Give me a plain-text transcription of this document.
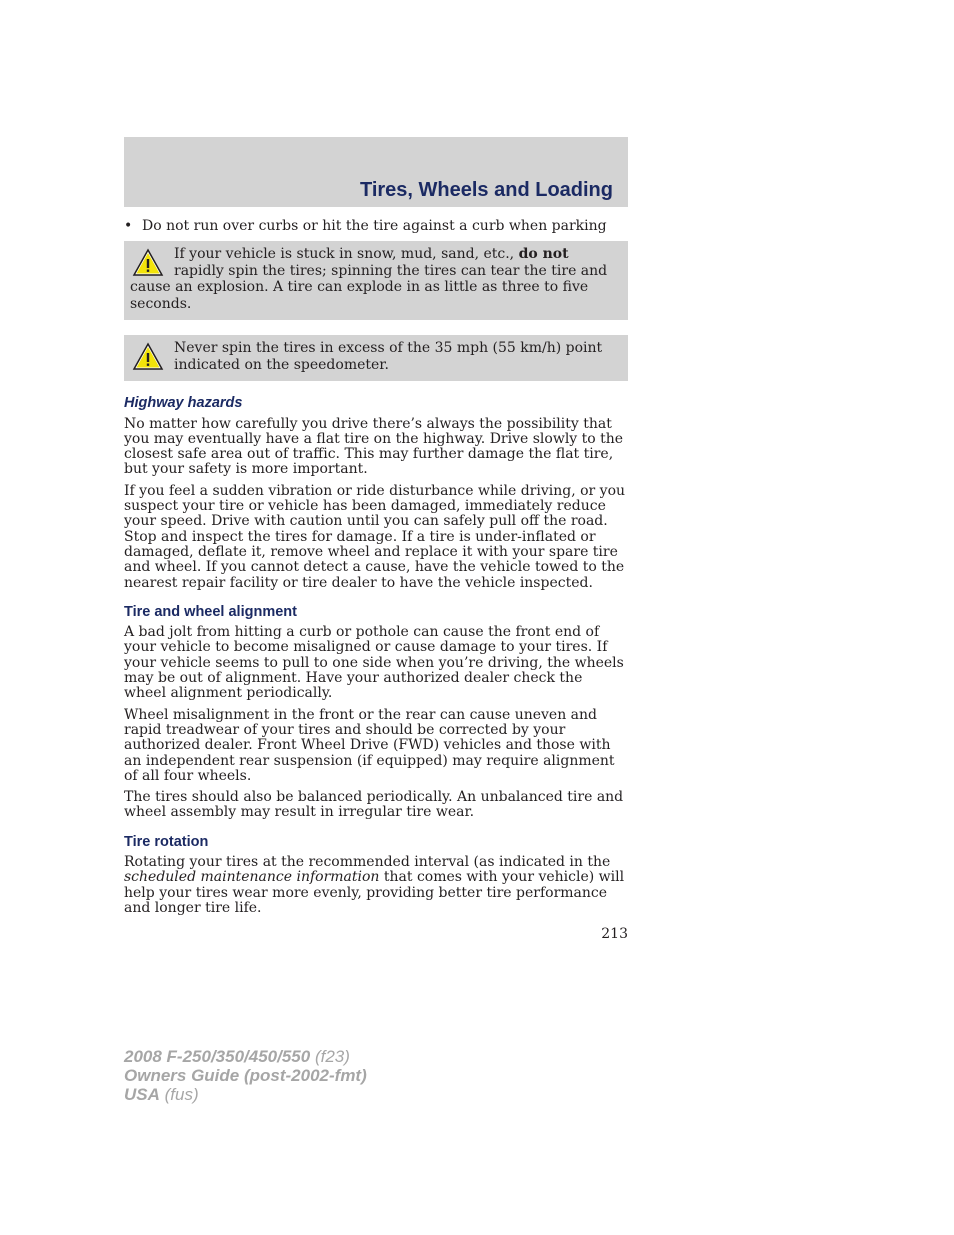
Tires, Wheels and Loading
• Do not run over curbs or hit the tire against a curb when parking
If your vehicle is stuck in snow, mud, sand, etc., do not rapidly spin the tires; spinning the tires can tear the tire and cause an explosion. A tire can explode in as little as three to five seconds.
Never spin the tires in excess of the 35 mph (55 km/h) point indicated on the speedometer.
Highway hazards

No matter how carefully you drive there’s always the possibility that you may eventually have a flat tire on the highway. Drive slowly to the closest safe area out of traffic. This may further damage the flat tire, but your safety is more important.

If you feel a sudden vibration or ride disturbance while driving, or you suspect your tire or vehicle has been damaged, immediately reduce your speed. Drive with caution until you can safely pull off the road. Stop and inspect the tires for damage. If a tire is under-inflated or damaged, deflate it, remove wheel and replace it with your spare tire and wheel. If you cannot detect a cause, have the vehicle towed to the nearest repair facility or tire dealer to have the vehicle inspected.

Tire and wheel alignment

A bad jolt from hitting a curb or pothole can cause the front end of your vehicle to become misaligned or cause damage to your tires. If your vehicle seems to pull to one side when you’re driving, the wheels may be out of alignment. Have your authorized dealer check the wheel alignment periodically.

Wheel misalignment in the front or the rear can cause uneven and rapid treadwear of your tires and should be corrected by your authorized dealer. Front Wheel Drive (FWD) vehicles and those with an independent rear suspension (if equipped) may require alignment of all four wheels.

The tires should also be balanced periodically. An unbalanced tire and wheel assembly may result in irregular tire wear.

Tire rotation

Rotating your tires at the recommended interval (as indicated in the scheduled maintenance information that comes with your vehicle) will help your tires wear more evenly, providing better tire performance and longer tire life.

213
2008 F-250/350/450/550 (f23)
Owners Guide (post-2002-fmt)
USA (fus)
